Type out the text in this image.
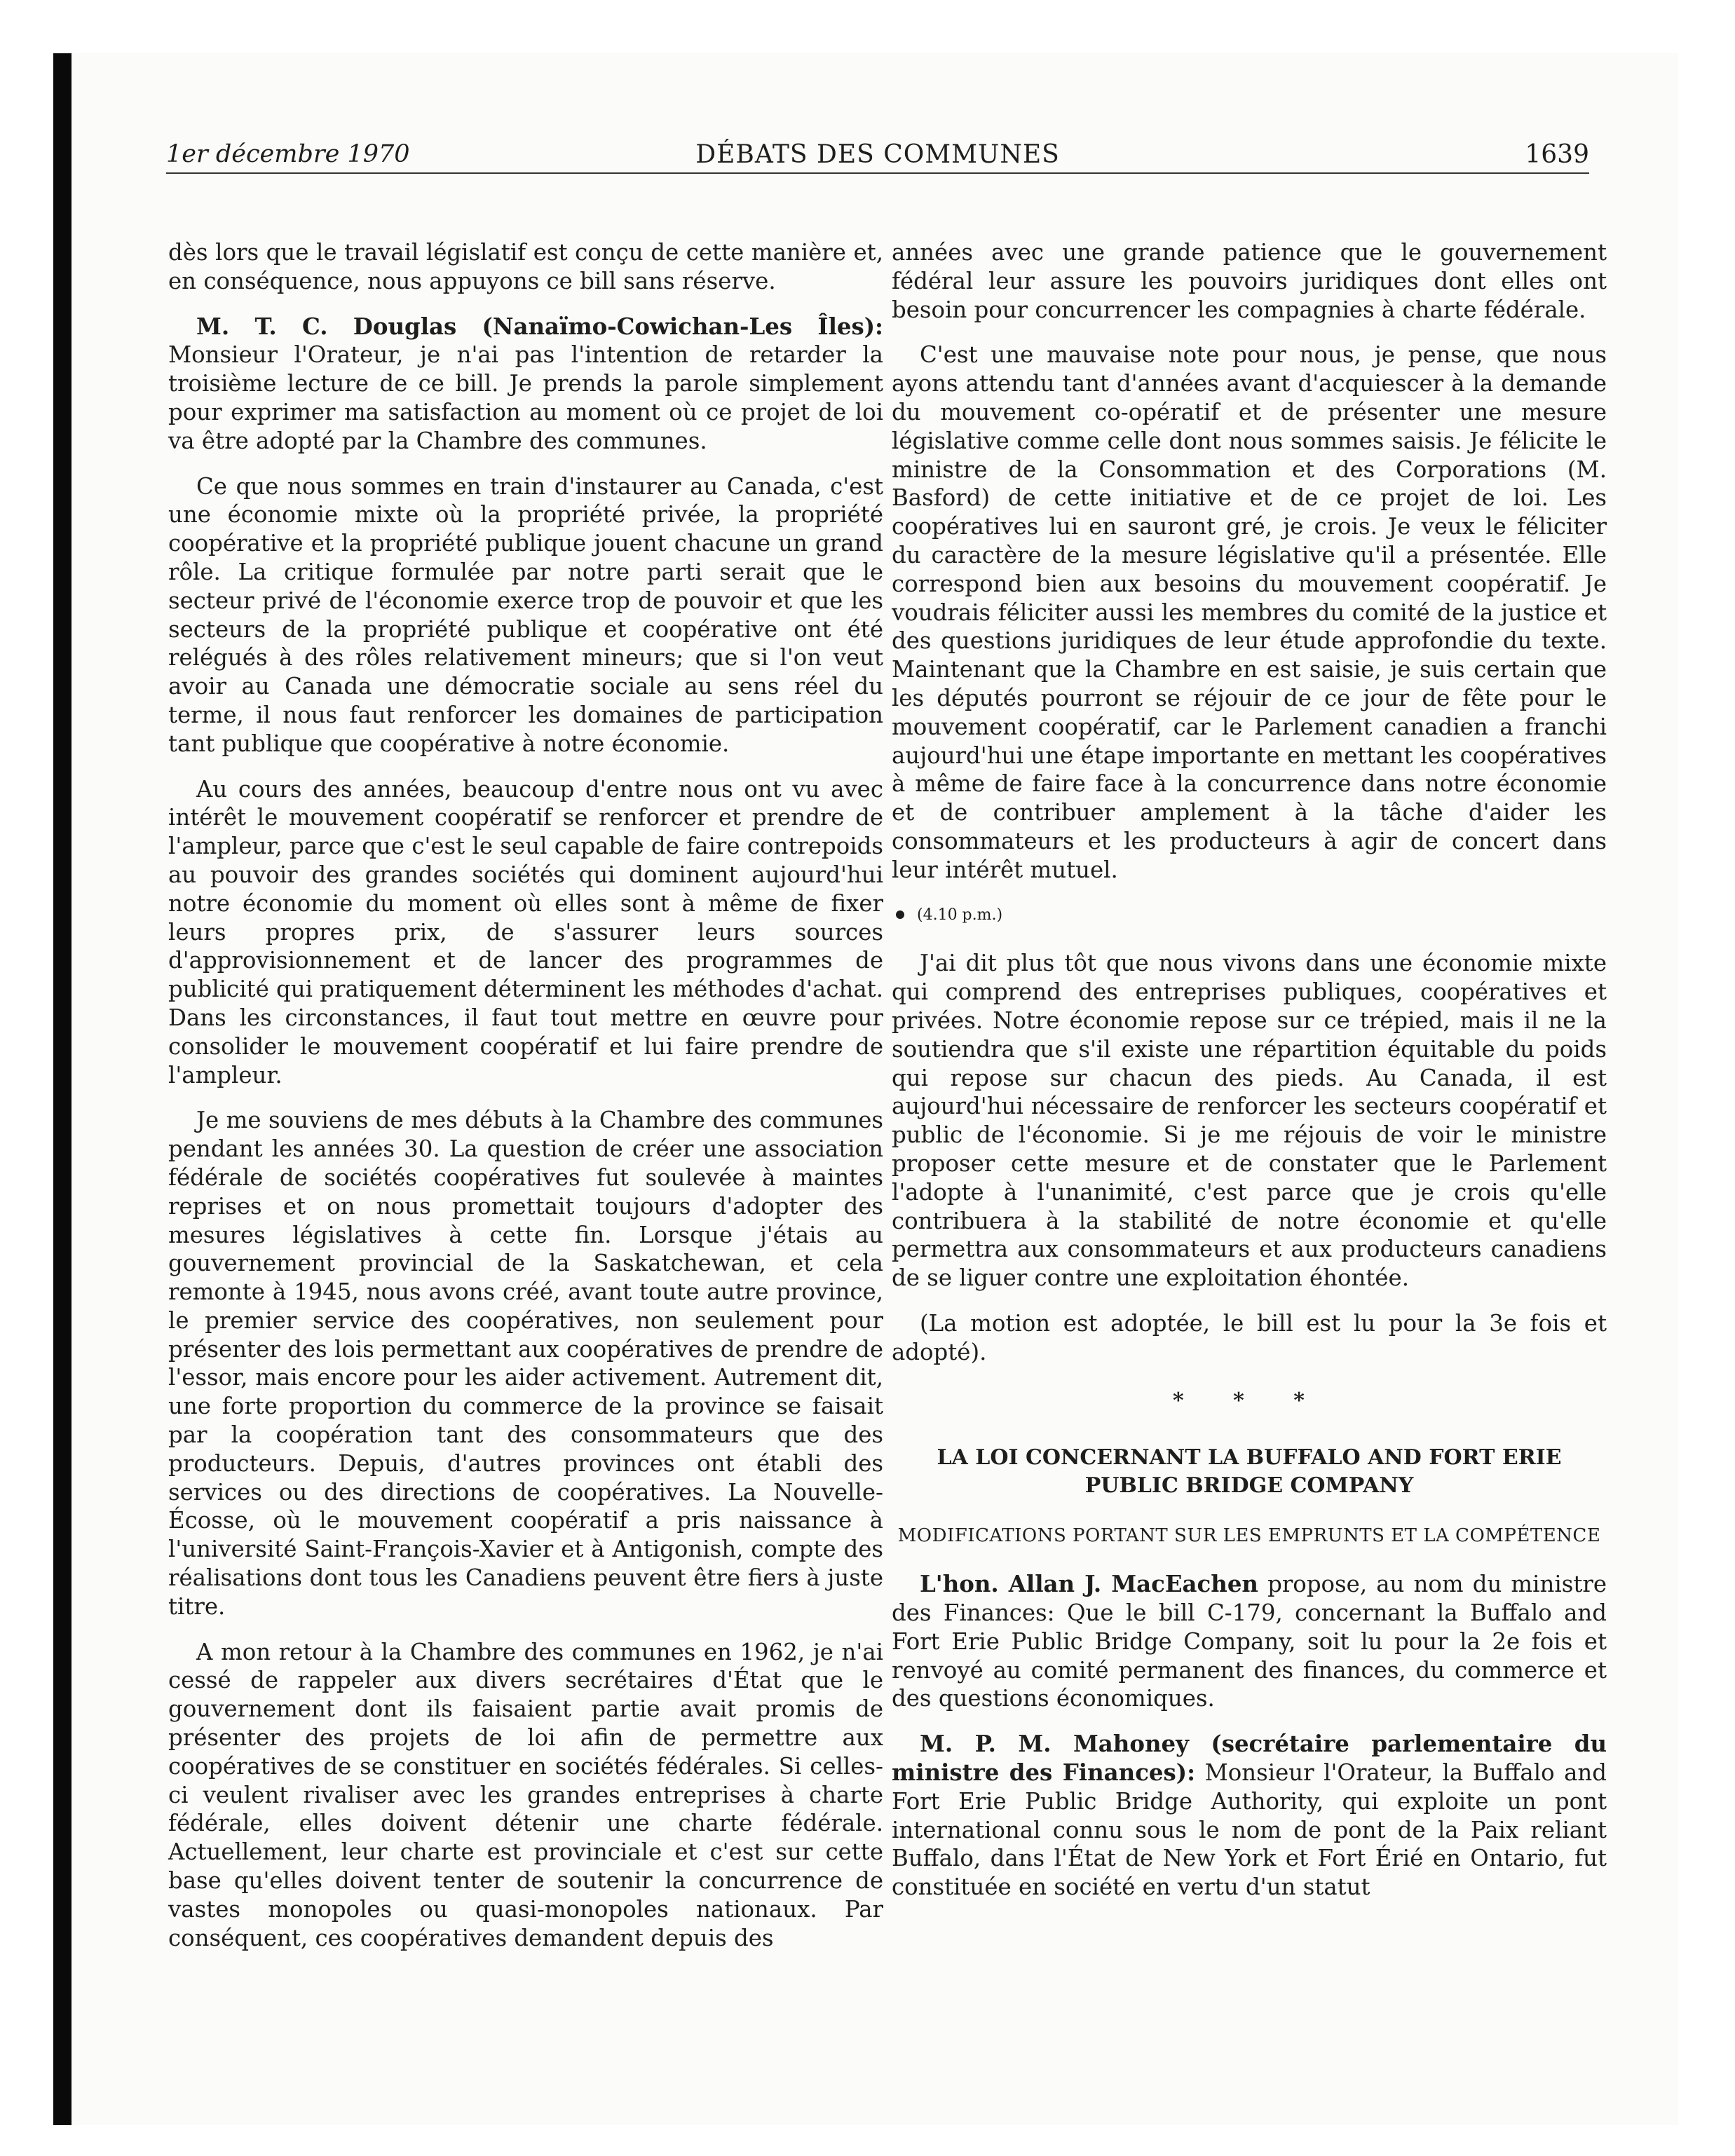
1er décembre 1970	DÉBATS DES COMMUNES	1639

dès lors que le travail législatif est conçu de cette manière et, en conséquence, nous appuyons ce bill sans réserve.

M. T. C. Douglas (Nanaïmo-Cowichan-Les Îles): Monsieur l'Orateur, je n'ai pas l'intention de retarder la troisième lecture de ce bill. Je prends la parole simplement pour exprimer ma satisfaction au moment où ce projet de loi va être adopté par la Chambre des communes.

Ce que nous sommes en train d'instaurer au Canada, c'est une économie mixte où la propriété privée, la propriété coopérative et la propriété publique jouent chacune un grand rôle. La critique formulée par notre parti serait que le secteur privé de l'économie exerce trop de pouvoir et que les secteurs de la propriété publique et coopérative ont été relégués à des rôles relativement mineurs; que si l'on veut avoir au Canada une démocratie sociale au sens réel du terme, il nous faut renforcer les domaines de participation tant publique que coopérative à notre économie.

Au cours des années, beaucoup d'entre nous ont vu avec intérêt le mouvement coopératif se renforcer et prendre de l'ampleur, parce que c'est le seul capable de faire contrepoids au pouvoir des grandes sociétés qui dominent aujourd'hui notre économie du moment où elles sont à même de fixer leurs propres prix, de s'assurer leurs sources d'approvisionnement et de lancer des programmes de publicité qui pratiquement déterminent les méthodes d'achat. Dans les circonstances, il faut tout mettre en œuvre pour consolider le mouvement coopératif et lui faire prendre de l'ampleur.

Je me souviens de mes débuts à la Chambre des communes pendant les années 30. La question de créer une association fédérale de sociétés coopératives fut soulevée à maintes reprises et on nous promettait toujours d'adopter des mesures législatives à cette fin. Lorsque j'étais au gouvernement provincial de la Saskatchewan, et cela remonte à 1945, nous avons créé, avant toute autre province, le premier service des coopératives, non seulement pour présenter des lois permettant aux coopératives de prendre de l'essor, mais encore pour les aider activement. Autrement dit, une forte proportion du commerce de la province se faisait par la coopération tant des consommateurs que des producteurs. Depuis, d'autres provinces ont établi des services ou des directions de coopératives. La Nouvelle-Écosse, où le mouvement coopératif a pris naissance à l'université Saint-François-Xavier et à Antigonish, compte des réalisations dont tous les Canadiens peuvent être fiers à juste titre.

A mon retour à la Chambre des communes en 1962, je n'ai cessé de rappeler aux divers secrétaires d'État que le gouvernement dont ils faisaient partie avait promis de présenter des projets de loi afin de permettre aux coopératives de se constituer en sociétés fédérales. Si celles-ci veulent rivaliser avec les grandes entreprises à charte fédérale, elles doivent détenir une charte fédérale. Actuellement, leur charte est provinciale et c'est sur cette base qu'elles doivent tenter de soutenir la concurrence de vastes monopoles ou quasi-monopoles nationaux. Par conséquent, ces coopératives demandent depuis des

années avec une grande patience que le gouvernement fédéral leur assure les pouvoirs juridiques dont elles ont besoin pour concurrencer les compagnies à charte fédérale.

C'est une mauvaise note pour nous, je pense, que nous ayons attendu tant d'années avant d'acquiescer à la demande du mouvement co-opératif et de présenter une mesure législative comme celle dont nous sommes saisis. Je félicite le ministre de la Consommation et des Corporations (M. Basford) de cette initiative et de ce projet de loi. Les coopératives lui en sauront gré, je crois. Je veux le féliciter du caractère de la mesure législative qu'il a présentée. Elle correspond bien aux besoins du mouvement coopératif. Je voudrais féliciter aussi les membres du comité de la justice et des questions juridiques de leur étude approfondie du texte. Maintenant que la Chambre en est saisie, je suis certain que les députés pourront se réjouir de ce jour de fête pour le mouvement coopératif, car le Parlement canadien a franchi aujourd'hui une étape importante en mettant les coopératives à même de faire face à la concurrence dans notre économie et de contribuer amplement à la tâche d'aider les consommateurs et les producteurs à agir de concert dans leur intérêt mutuel.

(4.10 p.m.)

J'ai dit plus tôt que nous vivons dans une économie mixte qui comprend des entreprises publiques, coopératives et privées. Notre économie repose sur ce trépied, mais il ne la soutiendra que s'il existe une répartition équitable du poids qui repose sur chacun des pieds. Au Canada, il est aujourd'hui nécessaire de renforcer les secteurs coopératif et public de l'économie. Si je me réjouis de voir le ministre proposer cette mesure et de constater que le Parlement l'adopte à l'unanimité, c'est parce que je crois qu'elle contribuera à la stabilité de notre économie et qu'elle permettra aux consommateurs et aux producteurs canadiens de se liguer contre une exploitation éhontée.

(La motion est adoptée, le bill est lu pour la 3e fois et adopté).

* * *
LA LOI CONCERNANT LA BUFFALO AND FORT ERIE PUBLIC BRIDGE COMPANY
MODIFICATIONS PORTANT SUR LES EMPRUNTS ET LA COMPÉTENCE

L'hon. Allan J. MacEachen propose, au nom du ministre des Finances: Que le bill C-179, concernant la Buffalo and Fort Erie Public Bridge Company, soit lu pour la 2e fois et renvoyé au comité permanent des finances, du commerce et des questions économiques.

M. P. M. Mahoney (secrétaire parlementaire du ministre des Finances): Monsieur l'Orateur, la Buffalo and Fort Erie Public Bridge Authority, qui exploite un pont international connu sous le nom de pont de la Paix reliant Buffalo, dans l'État de New York et Fort Érié en Ontario, fut constituée en société en vertu d'un statut
